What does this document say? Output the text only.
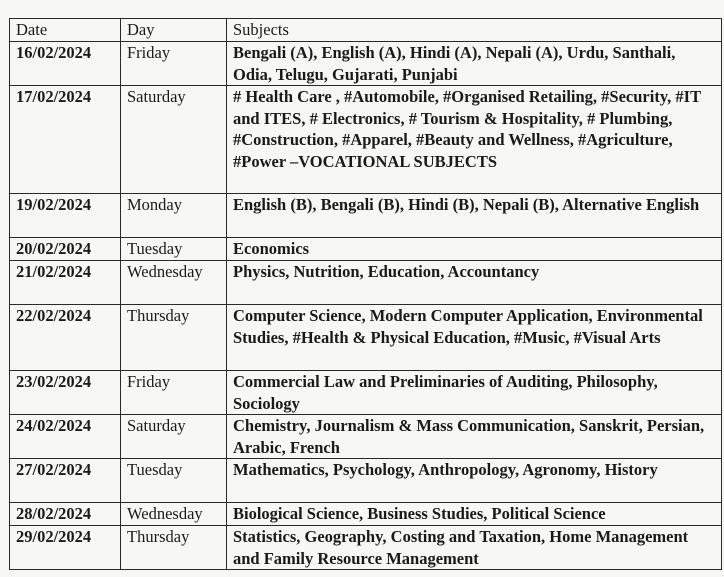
Date	Day	Subjects
16/02/2024	Friday	Bengali (A), English (A), Hindi (A), Nepali (A), Urdu, Santhali, Odia, Telugu, Gujarati, Punjabi
17/02/2024	Saturday	# Health Care , #Automobile, #Organised Retailing, #Security, #IT and ITES, # Electronics, # Tourism & Hospitality, # Plumbing, #Construction, #Apparel, #Beauty and Wellness, #Agriculture, #Power –VOCATIONAL SUBJECTS
19/02/2024	Monday	English (B), Bengali (B), Hindi (B), Nepali (B), Alternative English
20/02/2024	Tuesday	Economics
21/02/2024	Wednesday	Physics, Nutrition, Education, Accountancy
22/02/2024	Thursday	Computer Science, Modern Computer Application, Environmental Studies, #Health & Physical Education, #Music, #Visual Arts
23/02/2024	Friday	Commercial Law and Preliminaries of Auditing, Philosophy, Sociology
24/02/2024	Saturday	Chemistry, Journalism & Mass Communication, Sanskrit, Persian, Arabic, French
27/02/2024	Tuesday	Mathematics, Psychology, Anthropology, Agronomy, History
28/02/2024	Wednesday	Biological Science, Business Studies, Political Science
29/02/2024	Thursday	Statistics, Geography, Costing and Taxation, Home Management and Family Resource Management
